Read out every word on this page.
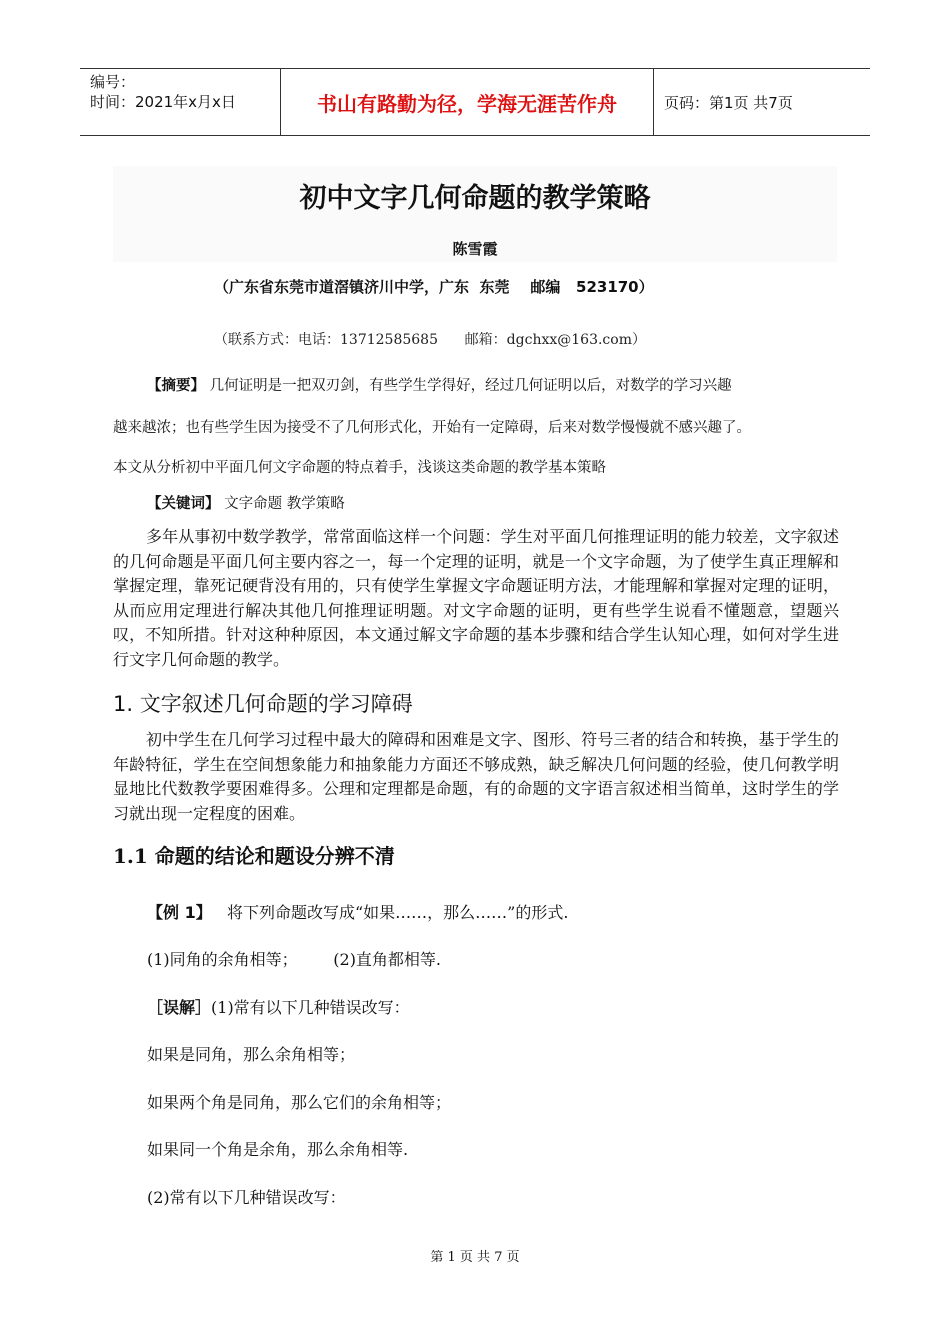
编号：
时间：2021年x月x日	书山有路勤为径，学海无涯苦作舟	页码：第1页 共7页
初中文字几何命题的教学策略
陈雪霞
（广东省东莞市道滘镇济川中学，广东  东莞    邮编   523170）
（联系方式：电话：13712585685      邮箱：dgchxx@163.com）
【摘要】 几何证明是一把双刃剑，有些学生学得好，经过几何证明以后，对数学的学习兴趣
越来越浓；也有些学生因为接受不了几何形式化，开始有一定障碍，后来对数学慢慢就不感兴趣了。
本文从分析初中平面几何文字命题的特点着手，浅谈这类命题的教学基本策略
【关键词】 文字命题 教学策略
多年从事初中数学教学，常常面临这样一个问题：学生对平面几何推理证明的能力较差，文字叙述的几何命题是平面几何主要内容之一，每一个定理的证明，就是一个文字命题，为了使学生真正理解和掌握定理，靠死记硬背没有用的，只有使学生掌握文字命题证明方法，才能理解和掌握对定理的证明，从而应用定理进行解决其他几何推理证明题。对文字命题的证明，更有些学生说看不懂题意，望题兴叹，不知所措。针对这种种原因，本文通过解文字命题的基本步骤和结合学生认知心理，如何对学生进行文字几何命题的教学。
1. 文字叙述几何命题的学习障碍
初中学生在几何学习过程中最大的障碍和困难是文字、图形、符号三者的结合和转换，基于学生的年龄特征，学生在空间想象能力和抽象能力方面还不够成熟，缺乏解决几何问题的经验，使几何教学明显地比代数教学要困难得多。公理和定理都是命题，有的命题的文字语言叙述相当简单，这时学生的学习就出现一定程度的困难。
1.1 命题的结论和题设分辨不清
【例 1】   将下列命题改写成“如果……，那么……”的形式.
(1)同角的余角相等；       (2)直角都相等.
［误解］(1)常有以下几种错误改写：
如果是同角，那么余角相等；
如果两个角是同角，那么它们的余角相等；
如果同一个角是余角，那么余角相等.
(2)常有以下几种错误改写：
第 1 页 共 7 页
